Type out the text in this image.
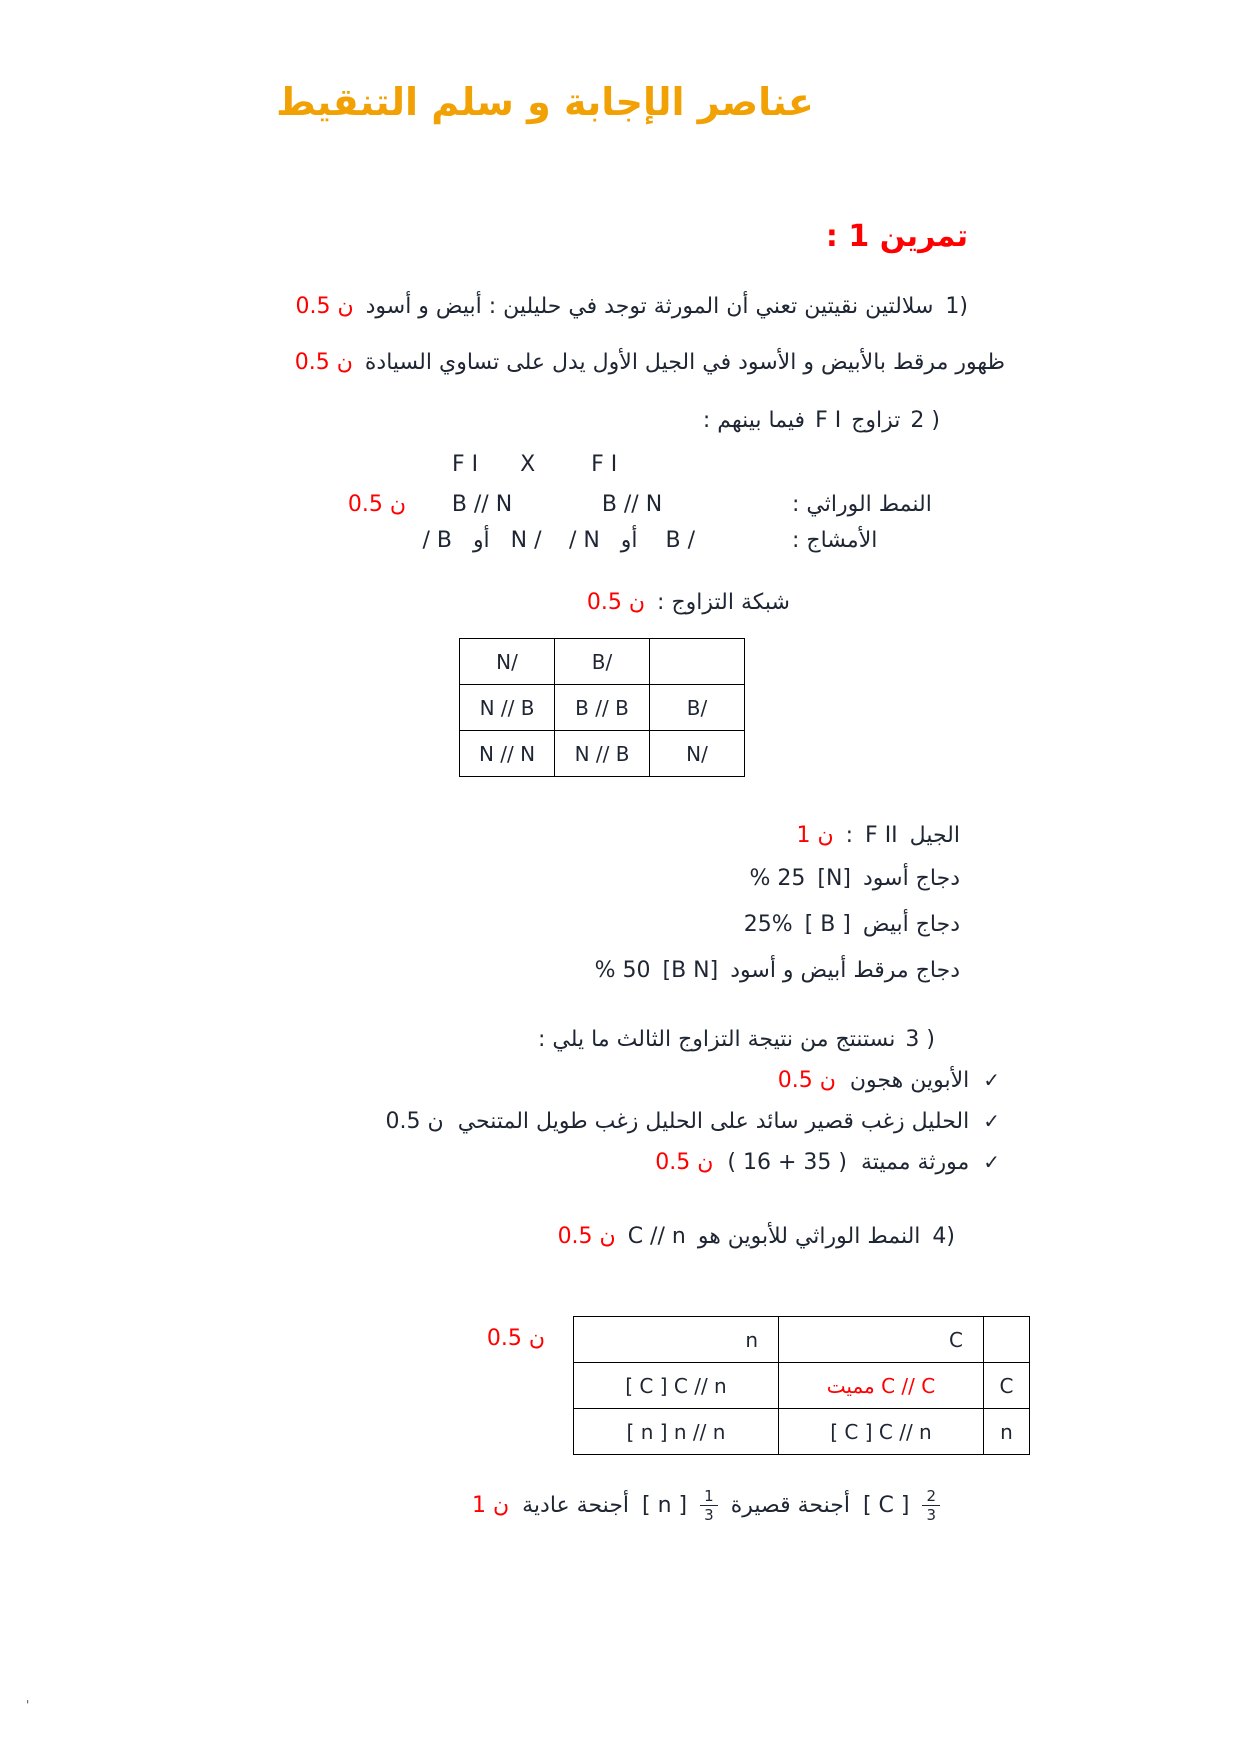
عناصر الإجابة و سلم التنقيط
تمرين 1 :
1)
سلالتين نقيتين تعني أن المورثة توجد في حليلين : أبيض و أسود
0.5 ن
ظهور مرقط بالأبيض و الأسود في الجيل الأول يدل على تساوي السيادة
0.5 ن
2 )
تزاوج
F I
فيما بينهم :
F I      X        F I
النمط الوراثي :
B // N
B // N
0.5 ن
الأمشاج :
/ N   أو    B /
/ B   أو   N /
شبكة التزاوج :
0.5 ن
	B/	N/
B/	B // B	N // B
N/	N // B	N // N
الجيل
F II
:
1 ن
دجاج أسود
[N]
% 25
دجاج أبيض
[ B ]
25%
دجاج مرقط أبيض و أسود
[B N]
% 50
3 )
نستنتج من نتيجة التزاوج الثالث ما يلي :
✓
الأبوين هجون
0.5 ن
✓
الحليل زغب قصير سائد على الحليل زغب طويل المتنحي
0.5 ن
✓
مورثة مميتة
( 16 + 35 )
0.5 ن
4)
النمط الوراثي للأبوين هو
C // n
0.5 ن
	C	n
C	C // C مميت	[ C ] C // n
n	[ C ] C // n	[ n ] n // n
0.5 ن
$\frac{2}{3}$
[ C ]
أجنحة قصيرة
$\frac{1}{3}$
[ n ]
أجنحة عادية
1 ن
'
